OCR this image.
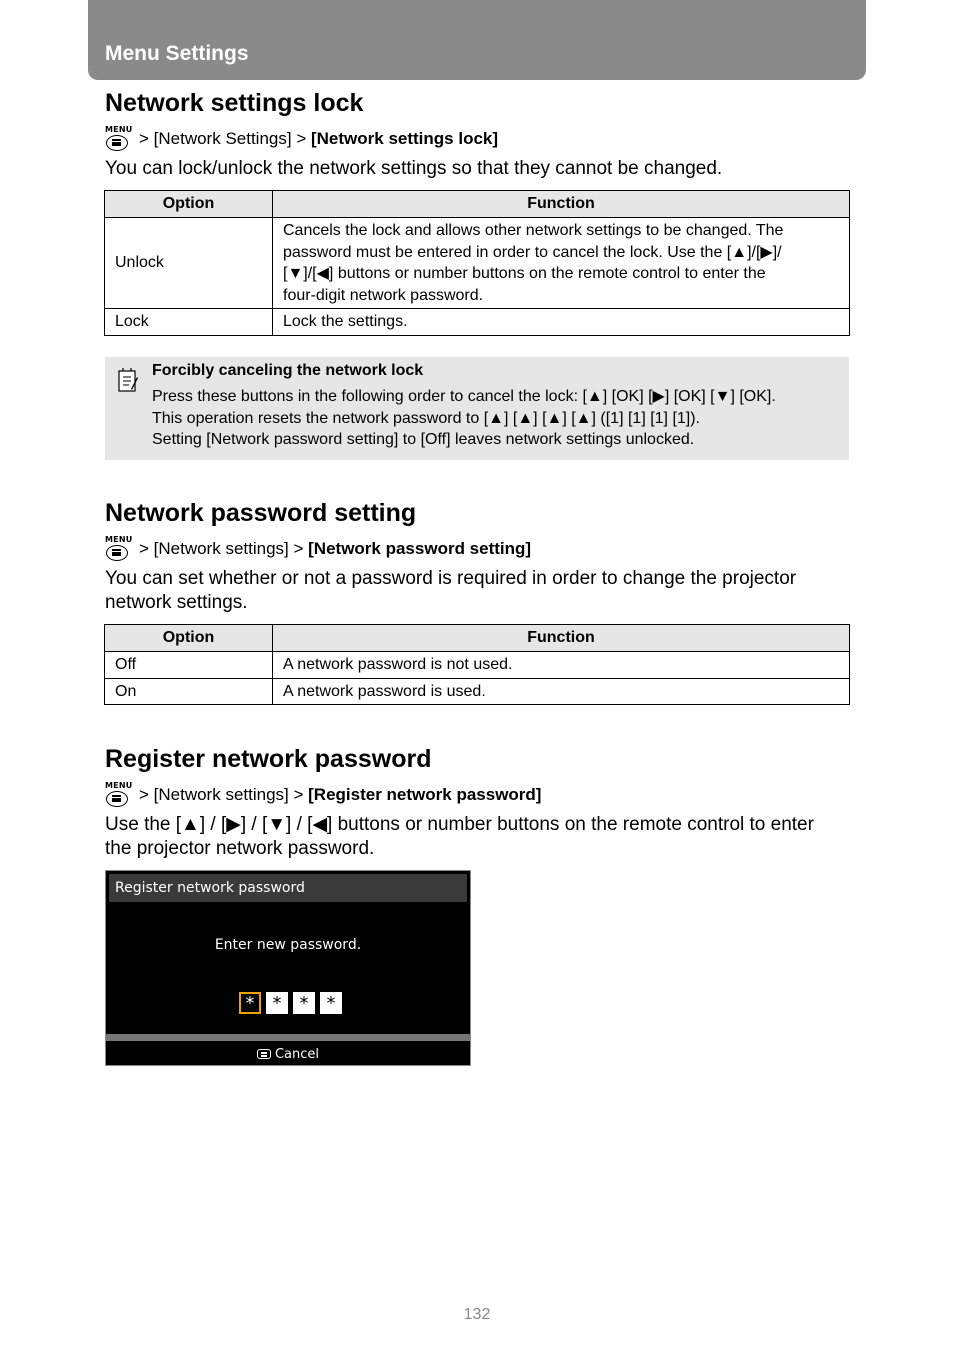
Menu Settings
Network settings lock
MENU > [Network Settings] >
[Network settings lock]

You can lock/unlock the network settings so that they cannot be changed.

Option	Function
Unlock	Cancels the lock and allows other network settings to be changed. The
password must be entered in order to cancel the lock. Use the [▲]/[▶]/
[▼]/[◀] buttons or number buttons on the remote control to enter the
four-digit network password.

Lock	Lock the settings.
Forcibly canceling the network lock
Press these buttons in the following order to cancel the lock: [▲] [OK] [▶] [OK] [▼] [OK].
This operation resets the network password to [▲] [▲] [▲] [▲] ([1] [1] [1] [1]).
Setting [Network password setting] to [Off] leaves network settings unlocked.
Network password setting
MENU > [Network settings] >
[Network password setting]
You can set whether or not a password is required in order to change the projector
network settings.
Option	Function
Off	A network password is not used.
On	A network password is used.
Register network password
MENU > [Network settings] >
[Register network password]
Use the [▲] / [▶] / [▼] / [◀] buttons or number buttons on the remote control to enter
the projector network password.
Register network password
Enter new password.
*	*	*	*
Cancel
132
